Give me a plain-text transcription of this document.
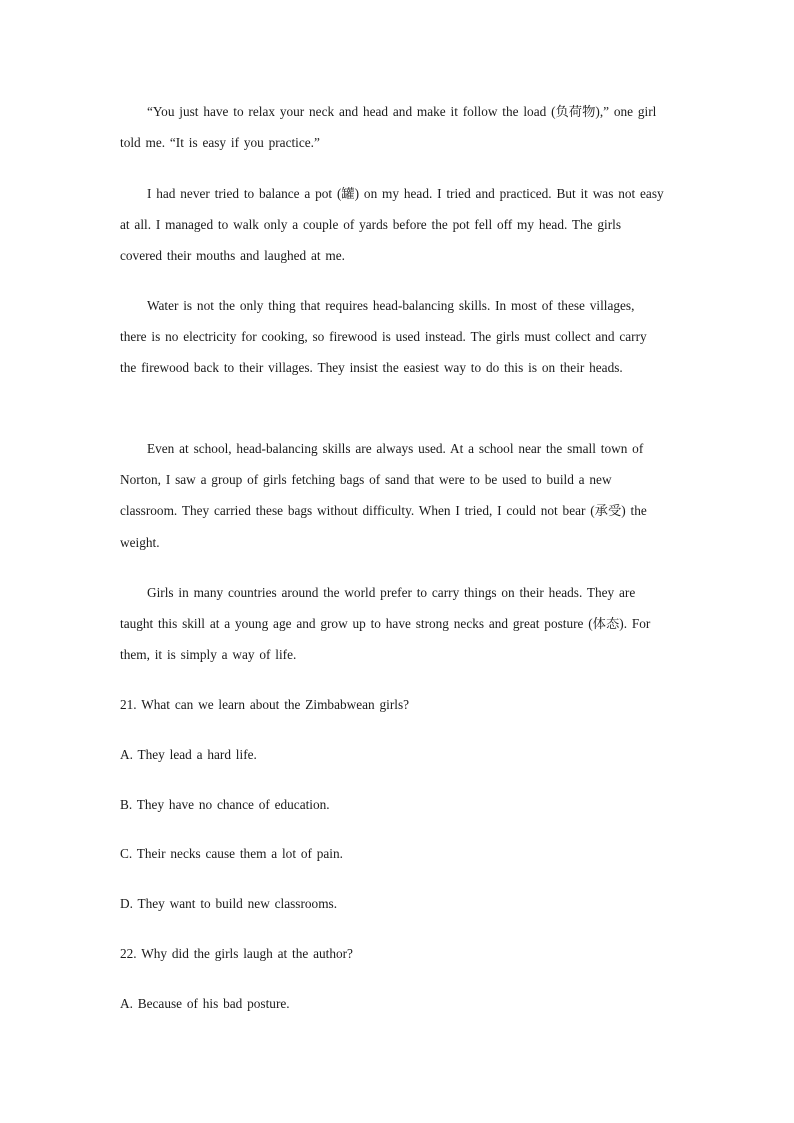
“You just have to relax your neck and head and make it follow the load (负荷物),” one girl told me. “It is easy if you practice.”

I had never tried to balance a pot (罐) on my head. I tried and practiced. But it was not easy at all. I managed to walk only a couple of yards before the pot fell off my head. The girls covered their mouths and laughed at me.

Water is not the only thing that requires head-balancing skills. In most of these villages, there is no electricity for cooking, so firewood is used instead. The girls must collect and carry the firewood back to their villages. They insist the easiest way to do this is on their heads.

Even at school, head-balancing skills are always used. At a school near the small town of Norton, I saw a group of girls fetching bags of sand that were to be used to build a new classroom. They carried these bags without difficulty. When I tried, I could not bear (承受) the weight.

Girls in many countries around the world prefer to carry things on their heads. They are taught this skill at a young age and grow up to have strong necks and great posture (体态). For them, it is simply a way of life.

21. What can we learn about the Zimbabwean girls?

A. They lead a hard life.

B. They have no chance of education.

C. Their necks cause them a lot of pain.

D. They want to build new classrooms.

22. Why did the girls laugh at the author?

A. Because of his bad posture.
